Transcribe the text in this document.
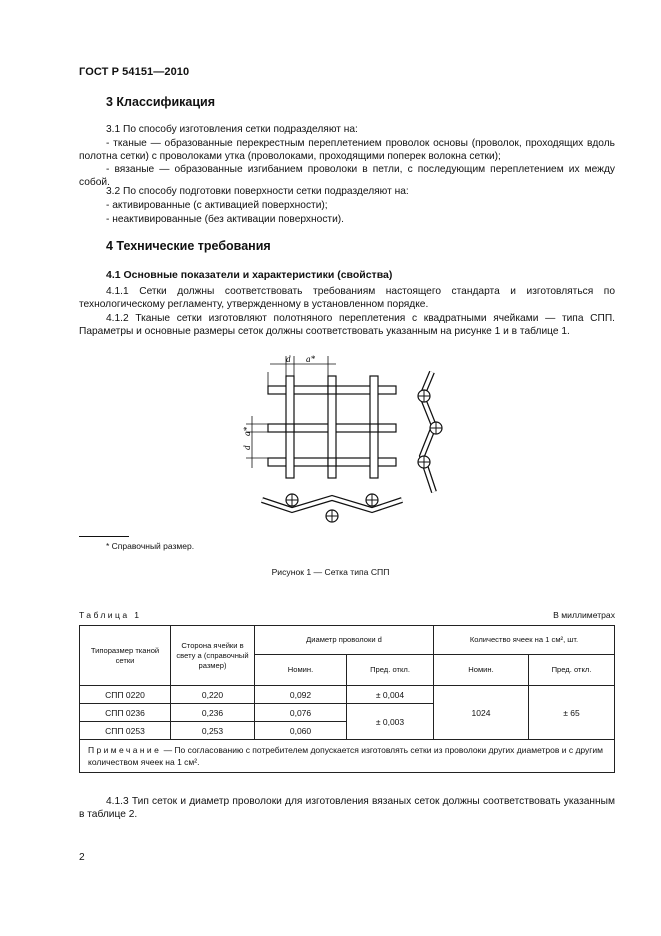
ГОСТ Р 54151—2010
3 Классификация
3.1 По способу изготовления сетки подразделяют на:
- тканые — образованные перекрестным переплетением проволок основы (проволок, проходящих вдоль полотна сетки) с проволоками утка (проволоками, проходящими поперек волокна сетки);
- вязаные — образованные изгибанием проволоки в петли, с последующим переплетением их между собой.
3.2 По способу подготовки поверхности сетки подразделяют на:
- активированные (с активацией поверхности);
- неактивированные (без активации поверхности).
4 Технические требования
4.1 Основные показатели и характеристики (свойства)
4.1.1 Сетки должны соответствовать требованиям настоящего стандарта и изготовляться по технологическому регламенту, утвержденному в установленном порядке.
4.1.2 Тканые сетки изготовляют полотняного переплетения с квадратными ячейками — типа СПП. Параметры и основные размеры сеток должны соответствовать указанным на рисунке 1 и в таблице 1.
d a*
d
a*
* Справочный размер.
Рисунок 1 — Сетка типа СПП
Таблица 1	В миллиметрах
Типоразмер тканой сетки	Сторона ячейки в свету a (справочный размер)	Диаметр проволоки d		Количество ячеек на 1 см², шт.	
		Номин.	Пред. откл.	Номин.	Пред. откл.
СПП 0220	0,220	0,092	± 0,004	1024	± 65
СПП 0236	0,236	0,076	± 0,003		
СПП 0253	0,253	0,060			
Примечание — По согласованию с потребителем допускается изготовлять сетки из проволоки других диаметров и с другим количеством ячеек на 1 см².					
4.1.3 Тип сеток и диаметр проволоки для изготовления вязаных сеток должны соответствовать указанным в таблице 2.
2
